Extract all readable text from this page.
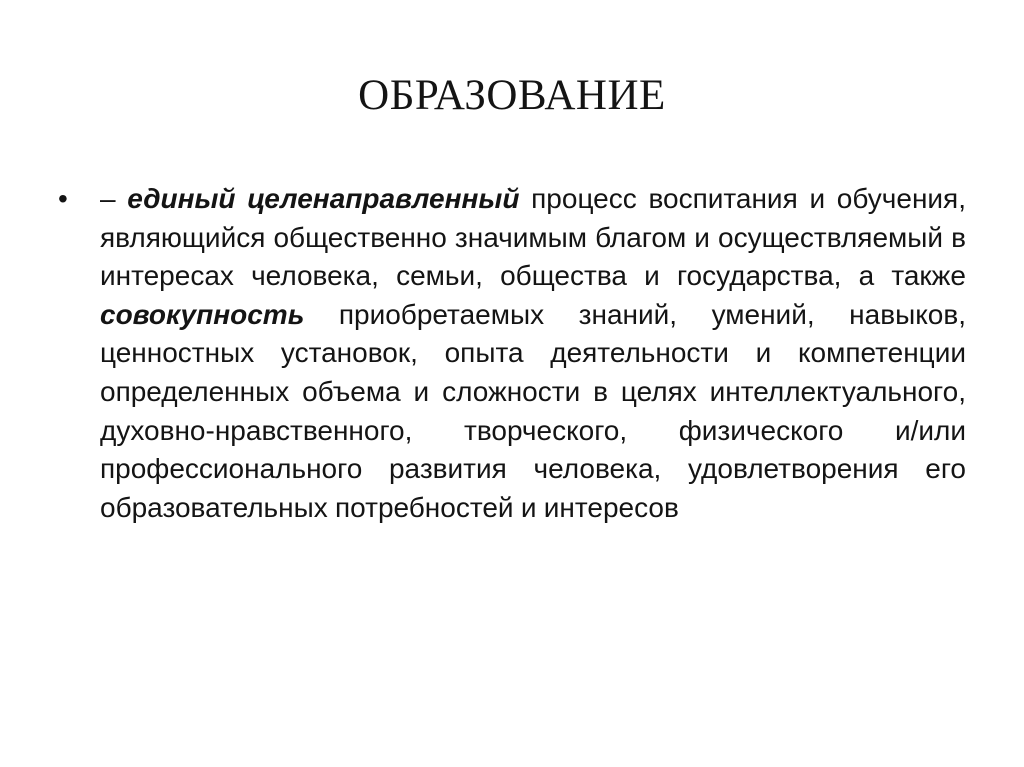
ОБРАЗОВАНИЕ
• – единый целенаправленный процесс воспитания и обучения, являющийся общественно значимым благом и осуществляемый в интересах человека, семьи, общества и государства, а также совокупность приобретаемых знаний, умений, навыков, ценностных установок, опыта деятельности и компетенции определенных объема и сложности в целях интеллектуального, духовно-нравственного, творческого, физического и/или профессионального развития человека, удовлетворения его образовательных потребностей и интересов
